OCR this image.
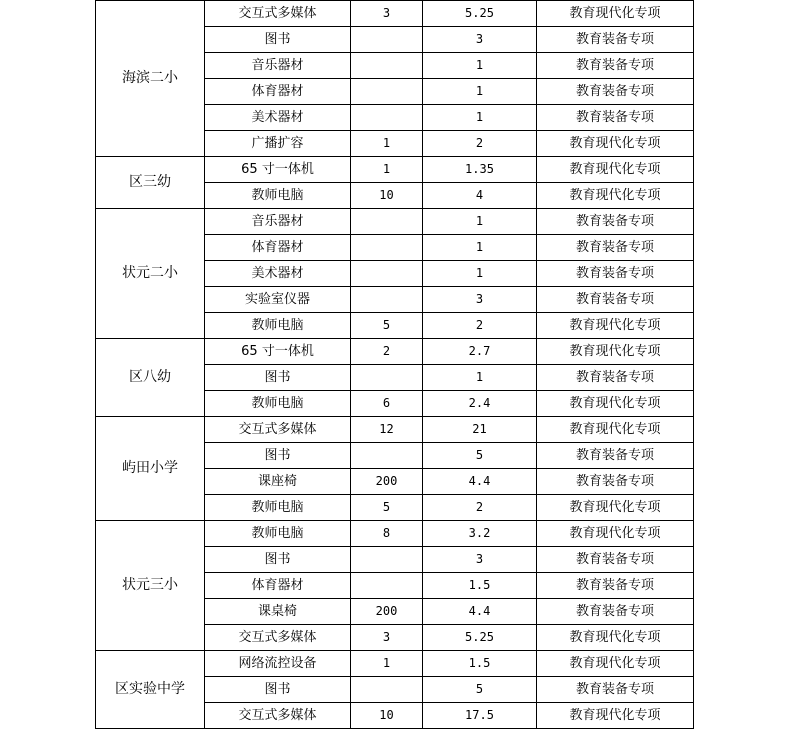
海滨二小	交互式多媒体	3	5.25	教育现代化专项
	图书		3	教育装备专项
	音乐器材		1	教育装备专项
	体育器材		1	教育装备专项
	美术器材		1	教育装备专项
	广播扩容	1	2	教育现代化专项
区三幼	65 寸一体机	1	1.35	教育现代化专项
	教师电脑	10	4	教育现代化专项
状元二小	音乐器材		1	教育装备专项
	体育器材		1	教育装备专项
	美术器材		1	教育装备专项
	实验室仪器		3	教育装备专项
	教师电脑	5	2	教育现代化专项
区八幼	65 寸一体机	2	2.7	教育现代化专项
	图书		1	教育装备专项
	教师电脑	6	2.4	教育现代化专项
屿田小学	交互式多媒体	12	21	教育现代化专项
	图书		5	教育装备专项
	课座椅	200	4.4	教育装备专项
	教师电脑	5	2	教育现代化专项
状元三小	教师电脑	8	3.2	教育现代化专项
	图书		3	教育装备专项
	体育器材		1.5	教育装备专项
	课桌椅	200	4.4	教育装备专项
	交互式多媒体	3	5.25	教育现代化专项
区实验中学	网络流控设备	1	1.5	教育现代化专项
	图书		5	教育装备专项
	交互式多媒体	10	17.5	教育现代化专项
